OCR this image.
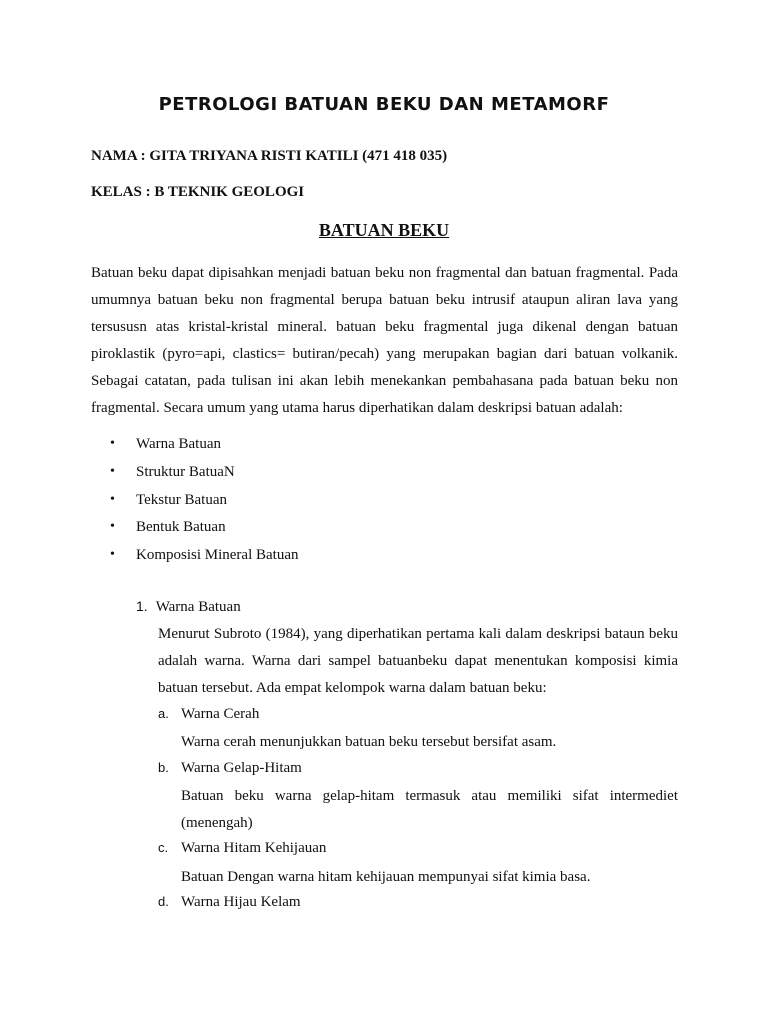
PETROLOGI BATUAN BEKU DAN METAMORF
NAMA : GITA TRIYANA RISTI KATILI (471 418 035)
KELAS : B TEKNIK GEOLOGI
BATUAN BEKU

Batuan beku dapat dipisahkan menjadi batuan beku non fragmental dan batuan fragmental. Pada umumnya batuan beku non fragmental berupa batuan beku intrusif ataupun aliran lava yang tersususn atas kristal-kristal mineral. batuan beku fragmental juga dikenal dengan batuan piroklastik (pyro=api, clastics= butiran/pecah) yang merupakan bagian dari batuan volkanik. Sebagai catatan, pada tulisan ini akan lebih menekankan pembahasana pada batuan beku non fragmental. Secara umum yang utama harus diperhatikan dalam deskripsi batuan adalah:

• Warna Batuan
• Struktur BatuaN
• Tekstur Batuan
• Bentuk Batuan
• Komposisi Mineral Batuan
1. Warna Batuan

Menurut Subroto (1984), yang diperhatikan pertama kali dalam deskripsi bataun beku adalah warna. Warna dari sampel batuanbeku dapat menentukan komposisi kimia batuan tersebut. Ada empat kelompok warna dalam batuan beku:

a. Warna Cerah

Warna cerah menunjukkan batuan beku tersebut bersifat asam.

b. Warna Gelap-Hitam

Batuan beku warna gelap-hitam termasuk atau memiliki sifat intermediet (menengah)

c. Warna Hitam Kehijauan

Batuan Dengan warna hitam kehijauan mempunyai sifat kimia basa.

d. Warna Hijau Kelam
